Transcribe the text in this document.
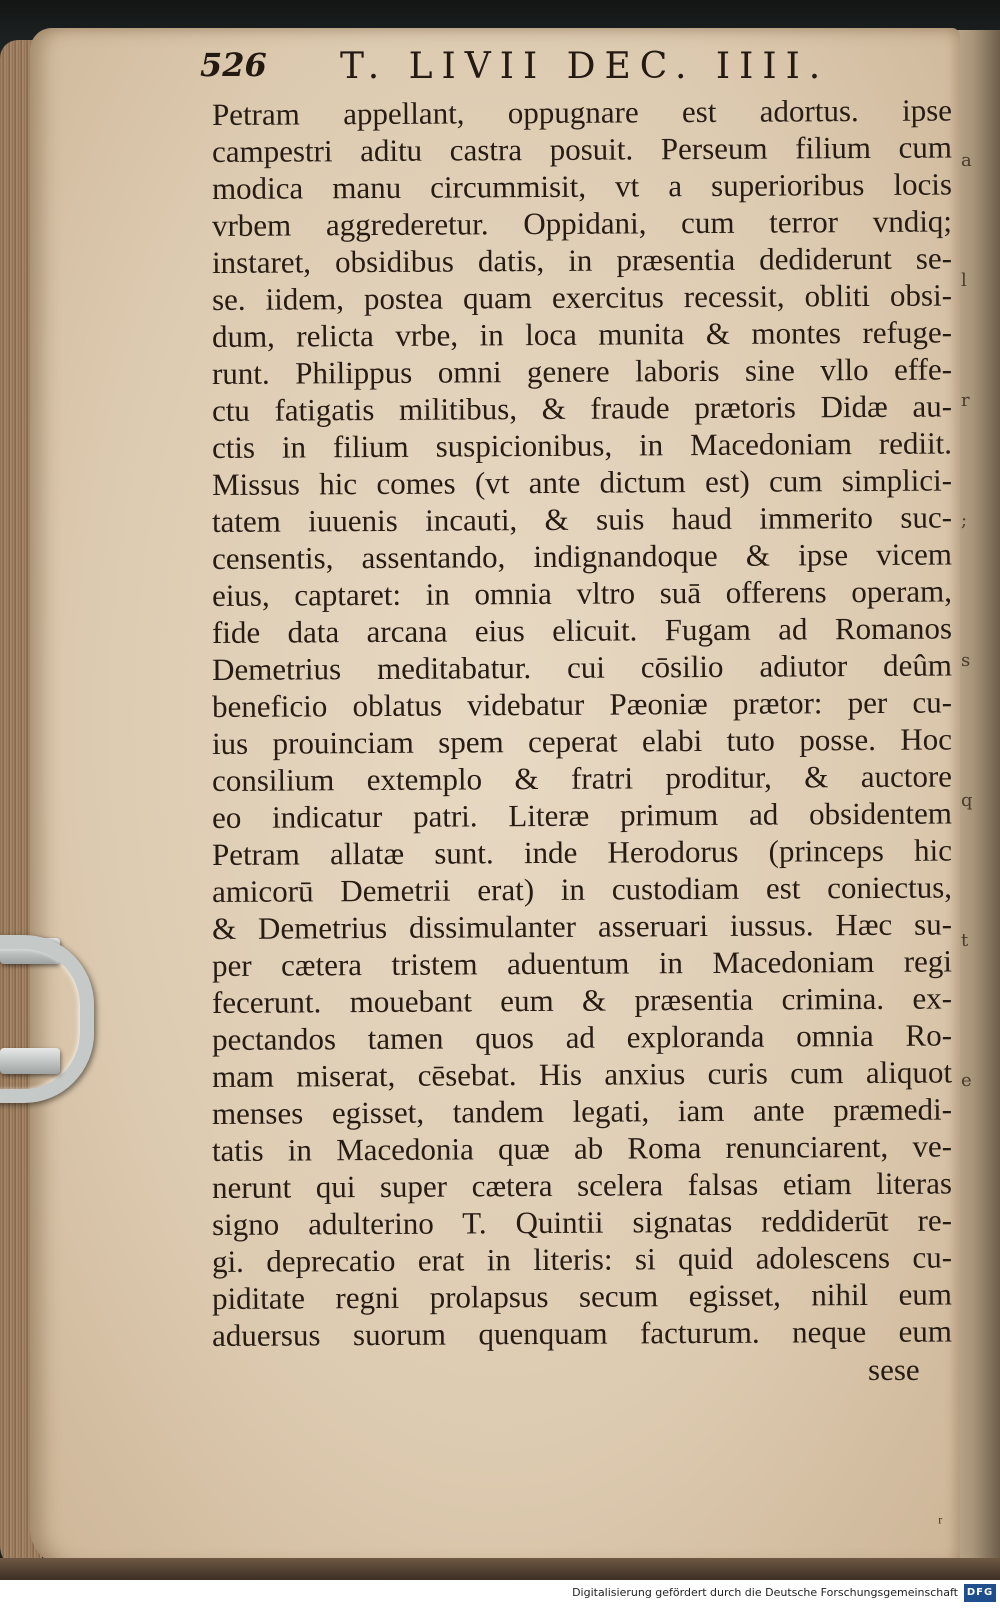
a
l
r
;
s
q
t
e
526 T. LIVII DEC. IIII.
Petram appellant, oppugnare est adortus. ipse
campestri aditu castra posuit. Perseum filium cum
modica manu circummisit, vt a superioribus locis
vrbem aggrederetur. Oppidani, cum terror vndiq;
instaret, obsidibus datis, in præsentia dediderunt se-
se. iidem, postea quam exercitus recessit, obliti obsi-
dum, relicta vrbe, in loca munita & montes refuge-
runt. Philippus omni genere laboris sine vllo effe-
ctu fatigatis militibus, & fraude prætoris Didæ au-
ctis in filium suspicionibus, in Macedoniam rediit.
Missus hic comes (vt ante dictum est) cum simplici-
tatem iuuenis incauti, & suis haud immerito suc-
censentis, assentando, indignandoque & ipse vicem
eius, captaret: in omnia vltro suā offerens operam,
fide data arcana eius elicuit. Fugam ad Romanos
Demetrius meditabatur. cui cōsilio adiutor deûm
beneficio oblatus videbatur Pæoniæ prætor: per cu-
ius prouinciam spem ceperat elabi tuto posse. Hoc
consilium extemplo & fratri proditur, & auctore
eo indicatur patri. Literæ primum ad obsidentem
Petram allatæ sunt. inde Herodorus (princeps hic
amicorū Demetrii erat) in custodiam est coniectus,
& Demetrius dissimulanter asseruari iussus. Hæc su-
per cætera tristem aduentum in Macedoniam regi
fecerunt. mouebant eum & præsentia crimina. ex-
pectandos tamen quos ad exploranda omnia Ro-
mam miserat, cēsebat. His anxius curis cum aliquot
menses egisset, tandem legati, iam ante præmedi-
tatis in Macedonia quæ ab Roma renunciarent, ve-
nerunt qui super cætera scelera falsas etiam literas
signo adulterino T. Quintii signatas reddiderūt re-
gi. deprecatio erat in literis: si quid adolescens cu-
piditate regni prolapsus secum egisset, nihil eum
aduersus suorum quenquam facturum. neque eum
sese
ʳ
Digitalisierung gefördert durch die Deutsche Forschungsgemeinschaft DFG
